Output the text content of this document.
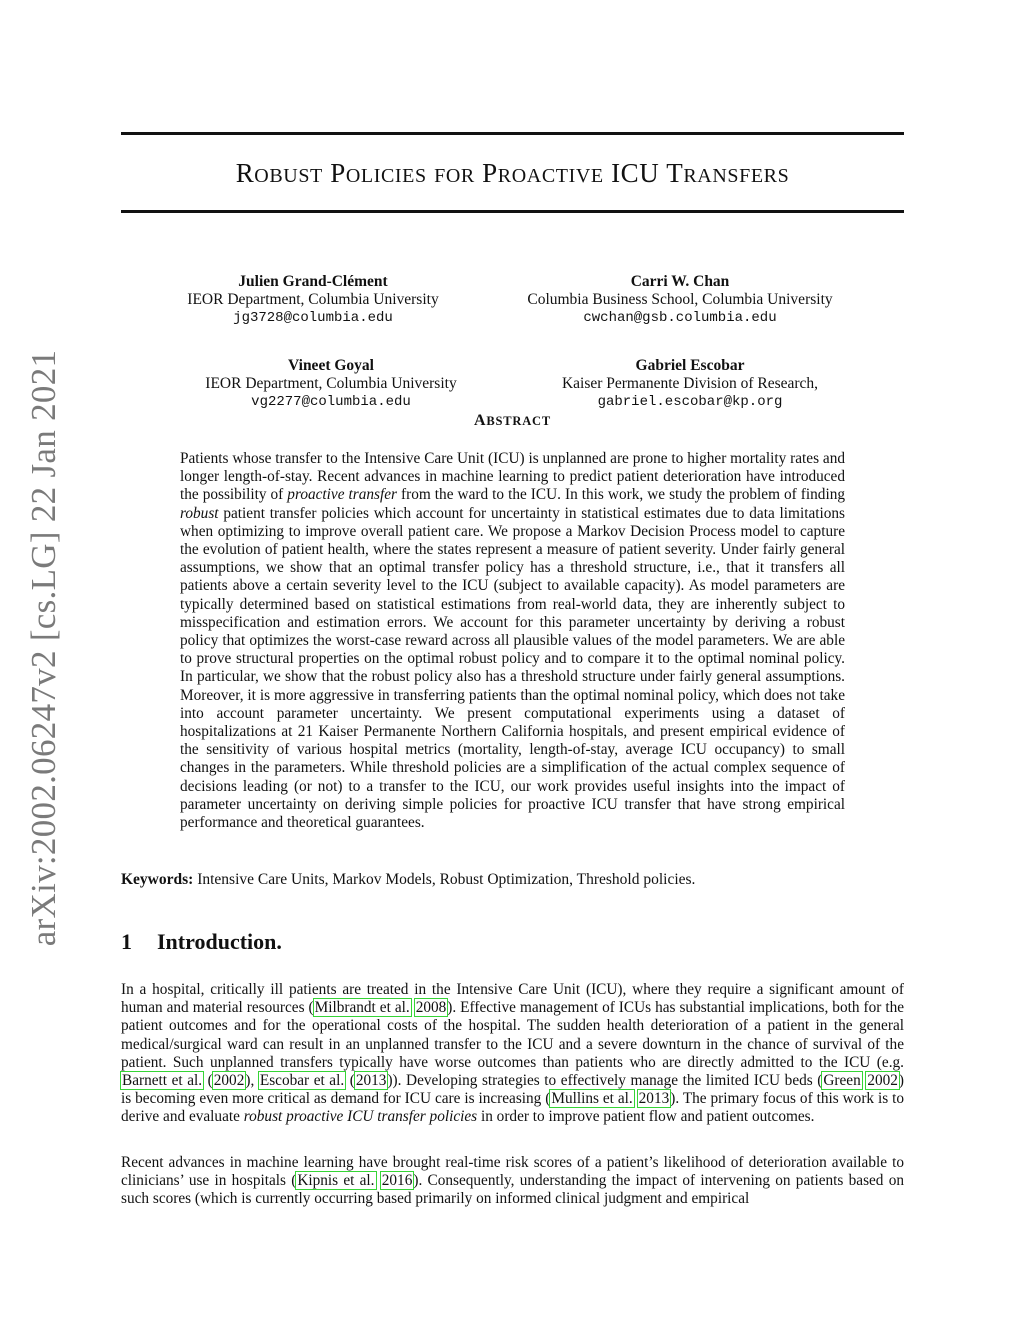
arXiv:2002.06247v2 [cs.LG] 22 Jan 2021
ROBUST POLICIES FOR PROACTIVE ICU TRANSFERS
Julien Grand-Clément
IEOR Department, Columbia University
jg3728@columbia.edu
Carri W. Chan
Columbia Business School, Columbia University
cwchan@gsb.columbia.edu
Vineet Goyal
IEOR Department, Columbia University
vg2277@columbia.edu
Gabriel Escobar
Kaiser Permanente Division of Research,
gabriel.escobar@kp.org
ABSTRACT

Patients whose transfer to the Intensive Care Unit (ICU) is unplanned are prone to higher mortality rates and longer length-of-stay. Recent advances in machine learning to predict patient deterioration have introduced the possibility of proactive transfer from the ward to the ICU. In this work, we study the problem of finding robust patient transfer policies which account for uncertainty in statistical estimates due to data limitations when optimizing to improve overall patient care. We propose a Markov Decision Process model to capture the evolution of patient health, where the states represent a measure of patient severity. Under fairly general assumptions, we show that an optimal transfer policy has a threshold structure, i.e., that it transfers all patients above a certain severity level to the ICU (subject to available capacity). As model parameters are typically determined based on statistical estimations from real-world data, they are inherently subject to misspecification and estimation errors. We account for this parameter uncertainty by deriving a robust policy that optimizes the worst-case reward across all plausible values of the model parameters. We are able to prove structural properties on the optimal robust policy and to compare it to the optimal nominal policy. In particular, we show that the robust policy also has a threshold structure under fairly general assumptions. Moreover, it is more aggressive in transferring patients than the optimal nominal policy, which does not take into account parameter uncertainty. We present computational experiments using a dataset of hospitalizations at 21 Kaiser Permanente Northern California hospitals, and present empirical evidence of the sensitivity of various hospital metrics (mortality, length-of-stay, average ICU occupancy) to small changes in the parameters. While threshold policies are a simplification of the actual complex sequence of decisions leading (or not) to a transfer to the ICU, our work provides useful insights into the impact of parameter uncertainty on deriving simple policies for proactive ICU transfer that have strong empirical performance and theoretical guarantees.

Keywords: Intensive Care Units, Markov Models, Robust Optimization, Threshold policies.

1 Introduction.

In a hospital, critically ill patients are treated in the Intensive Care Unit (ICU), where they require a significant amount of human and material resources (Milbrandt et al. 2008). Effective management of ICUs has substantial implications, both for the patient outcomes and for the operational costs of the hospital. The sudden health deterioration of a patient in the general medical/surgical ward can result in an unplanned transfer to the ICU and a severe downturn in the chance of survival of the patient. Such unplanned transfers typically have worse outcomes than patients who are directly admitted to the ICU (e.g. Barnett et al. (2002), Escobar et al. (2013)). Developing strategies to effectively manage the limited ICU beds (Green 2002) is becoming even more critical as demand for ICU care is increasing (Mullins et al. 2013). The primary focus of this work is to derive and evaluate robust proactive ICU transfer policies in order to improve patient flow and patient outcomes.

Recent advances in machine learning have brought real-time risk scores of a patient’s likelihood of deterioration available to clinicians’ use in hospitals (Kipnis et al. 2016). Consequently, understanding the impact of intervening on patients based on such scores (which is currently occurring based primarily on informed clinical judgment and empirical
